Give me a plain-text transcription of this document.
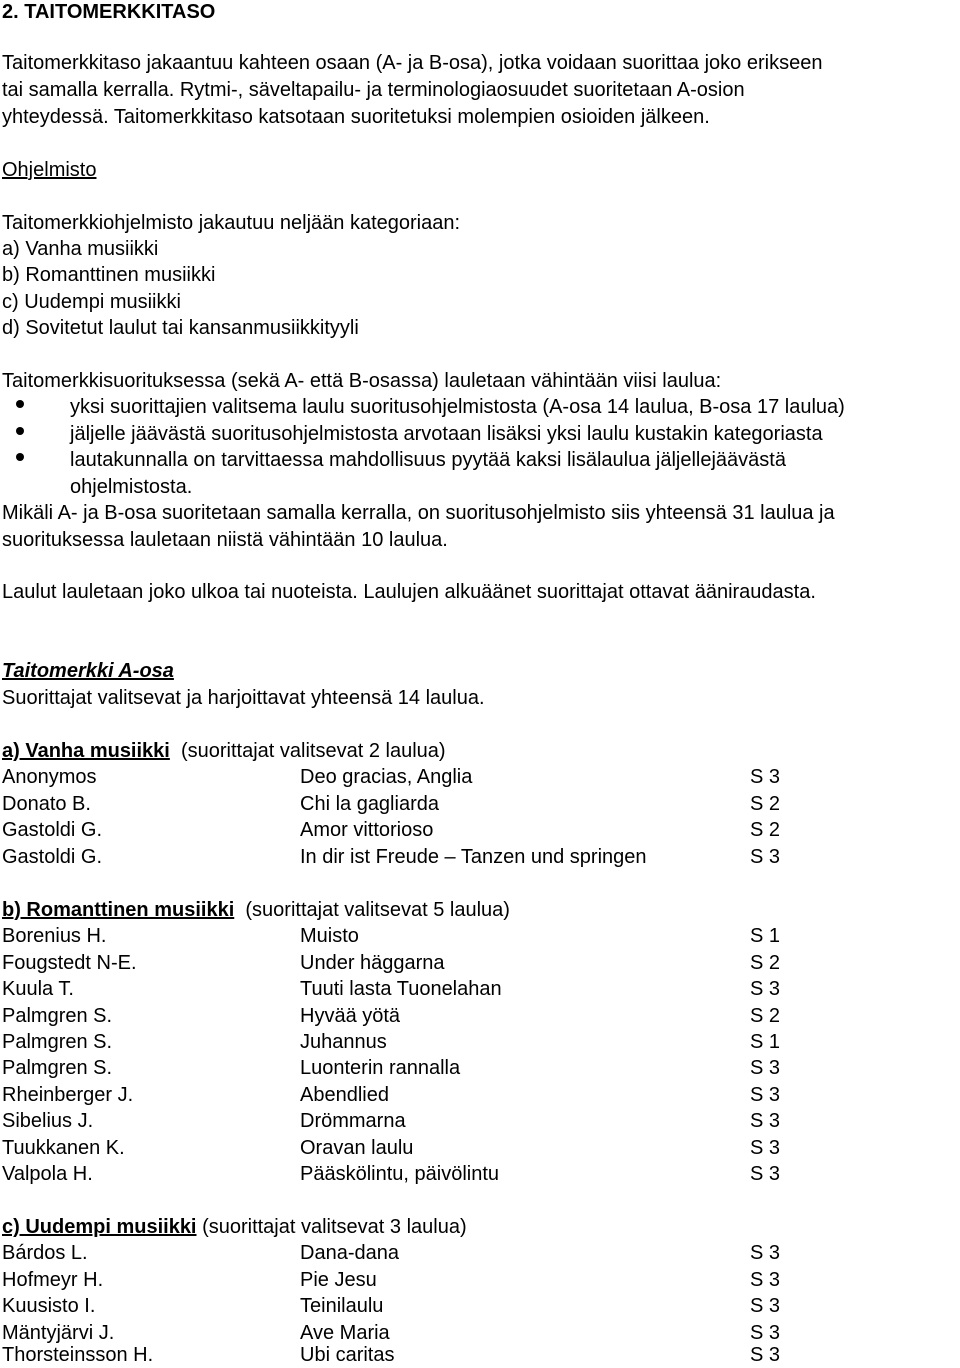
2. TAITOMERKKITASO
Taitomerkkitaso jakaantuu kahteen osaan (A- ja B-osa), jotka voidaan suorittaa joko erikseen
tai samalla kerralla. Rytmi-, säveltapailu- ja terminologiaosuudet suoritetaan A-osion
yhteydessä. Taitomerkkitaso katsotaan suoritetuksi molempien osioiden jälkeen.
Ohjelmisto
Taitomerkkiohjelmisto jakautuu neljään kategoriaan:
a) Vanha musiikki
b) Romanttinen musiikki
c) Uudempi musiikki
d) Sovitetut laulut tai kansanmusiikkityyli
Taitomerkkisuorituksessa (sekä A- että B-osassa) lauletaan vähintään viisi laulua:
yksi suorittajien valitsema laulu suoritusohjelmistosta (A-osa 14 laulua, B-osa 17 laulua)
jäljelle jäävästä suoritusohjelmistosta arvotaan lisäksi yksi laulu kustakin kategoriasta
lautakunnalla on tarvittaessa mahdollisuus pyytää kaksi lisälaulua jäljellejäävästä
ohjelmistosta.
Mikäli A- ja B-osa suoritetaan samalla kerralla, on suoritusohjelmisto siis yhteensä 31 laulua ja
suorituksessa lauletaan niistä vähintään 10 laulua.
Laulut lauletaan joko ulkoa tai nuoteista. Laulujen alkuäänet suorittajat ottavat ääniraudasta.
Taitomerkki A-osa
Suorittajat valitsevat ja harjoittavat yhteensä 14 laulua.
a) Vanha musiikki (suorittajat valitsevat 2 laulua)
Anonymos	Deo gracias, Anglia	S 3
Donato B.	Chi la gagliarda	S 2
Gastoldi G.	Amor vittorioso	S 2
Gastoldi G.	In dir ist Freude – Tanzen und springen	S 3
b) Romanttinen musiikki (suorittajat valitsevat 5 laulua)
Borenius H.	Muisto	S 1
Fougstedt N-E.	Under häggarna	S 2
Kuula T.	Tuuti lasta Tuonelahan	S 3
Palmgren S.	Hyvää yötä	S 2
Palmgren S.	Juhannus	S 1
Palmgren S.	Luonterin rannalla	S 3
Rheinberger J.	Abendlied	S 3
Sibelius J.	Drömmarna	S 3
Tuukkanen K.	Oravan laulu	S 3
Valpola H.	Pääskölintu, päivölintu	S 3
c) Uudempi musiikki (suorittajat valitsevat 3 laulua)
Bárdos L.	Dana-dana	S 3
Hofmeyr H.	Pie Jesu	S 3
Kuusisto I.	Teinilaulu	S 3
Mäntyjärvi J.	Ave Maria	S 3
Thorsteinsson H.	Ubi caritas	S 3
